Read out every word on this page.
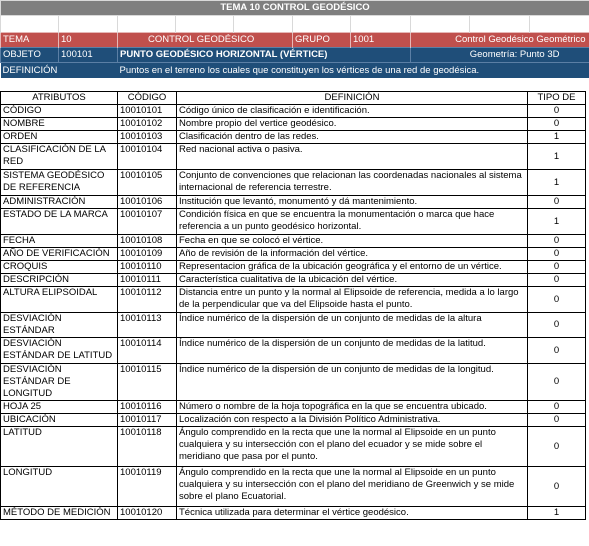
TEMA 10 CONTROL GEODÉSICO									

TEMA	10	CONTROL GEODÉSICO			GRUPO	1001	Control Geodésico Geométrico		
OBJETO	100101	PUNTO GEODÉSICO HORIZONTAL (VÉRTICE)					Geometría: Punto 3D		
DEFINICIÓN		Puntos en el terreno los cuales que constituyen los vértices de una red de geodésica.							

ATRIBUTOS	CÓDIGO	DEFINICIÓN	TIPO DE
CÓDIGO	10010101	Código único de clasificación e identificación.	0
NOMBRE	10010102	Nombre propio del vertice geodésico.	0
ORDEN	10010103	Clasificación dentro de las redes.	1
CLASIFICACIÓN DE LA RED	10010104	Red nacional activa o pasiva.	1
SISTEMA GEODÉSICO DE REFERENCIA	10010105	Conjunto de convenciones que relacionan las coordenadas nacionales al sistema internacional de referencia terrestre.	1
ADMINISTRACIÓN	10010106	Institución que levantó, monumentó y dá mantenimiento.	0
ESTADO DE LA MARCA	10010107	Condición física en que se encuentra la monumentación o marca que hace referencia a un punto geodésico horizontal.	1
FECHA	10010108	Fecha en que se colocó el vértice.	0
AÑO DE VERIFICACIÓN	10010109	Año de revisión de la información del vértice.	0
CROQUIS	10010110	Representacion gráfica de la ubicación geográfica y el entorno de un vértice.	0
DESCRIPCIÓN	10010111	Característica cualitativa de la ubicación del vértice.	0
ALTURA ELIPSOIDAL	10010112	Distancia entre un punto y la normal al Elipsoide de referencia, medida a lo largo de la perpendicular que va del Elipsoide hasta el punto.	0
DESVIACIÓN ESTÁNDAR	10010113	Índice numérico de la dispersión de un conjunto de medidas de la altura	0
DESVIACIÓN ESTÁNDAR DE LATITUD	10010114	Índice numérico de la dispersión de un conjunto de medidas de la latitud.	0
DESVIACIÓN ESTÁNDAR DE LONGITUD	10010115	Índice numérico de la dispersión de un conjunto de medidas de la longitud.	0
HOJA 25	10010116	Número o nombre de la hoja topográfica en la que se encuentra ubicado.	0
UBICACIÓN	10010117	Localización con respecto a la División Político Administrativa.	0
LATITUD	10010118	Ángulo comprendido en la recta que une la normal al Elipsoide en un punto cualquiera y su intersección con el plano del ecuador y se mide sobre el meridiano que pasa por el punto.	0
LONGITUD	10010119	Ángulo comprendido en la recta que une la normal al Elipsoide en un punto cualquiera y su intersección con el plano del meridiano de Greenwich y se mide sobre el plano Ecuatorial.	0
MÉTODO DE MEDICIÓN	10010120	Técnica utilizada para determinar el vértice geodésico.	1
